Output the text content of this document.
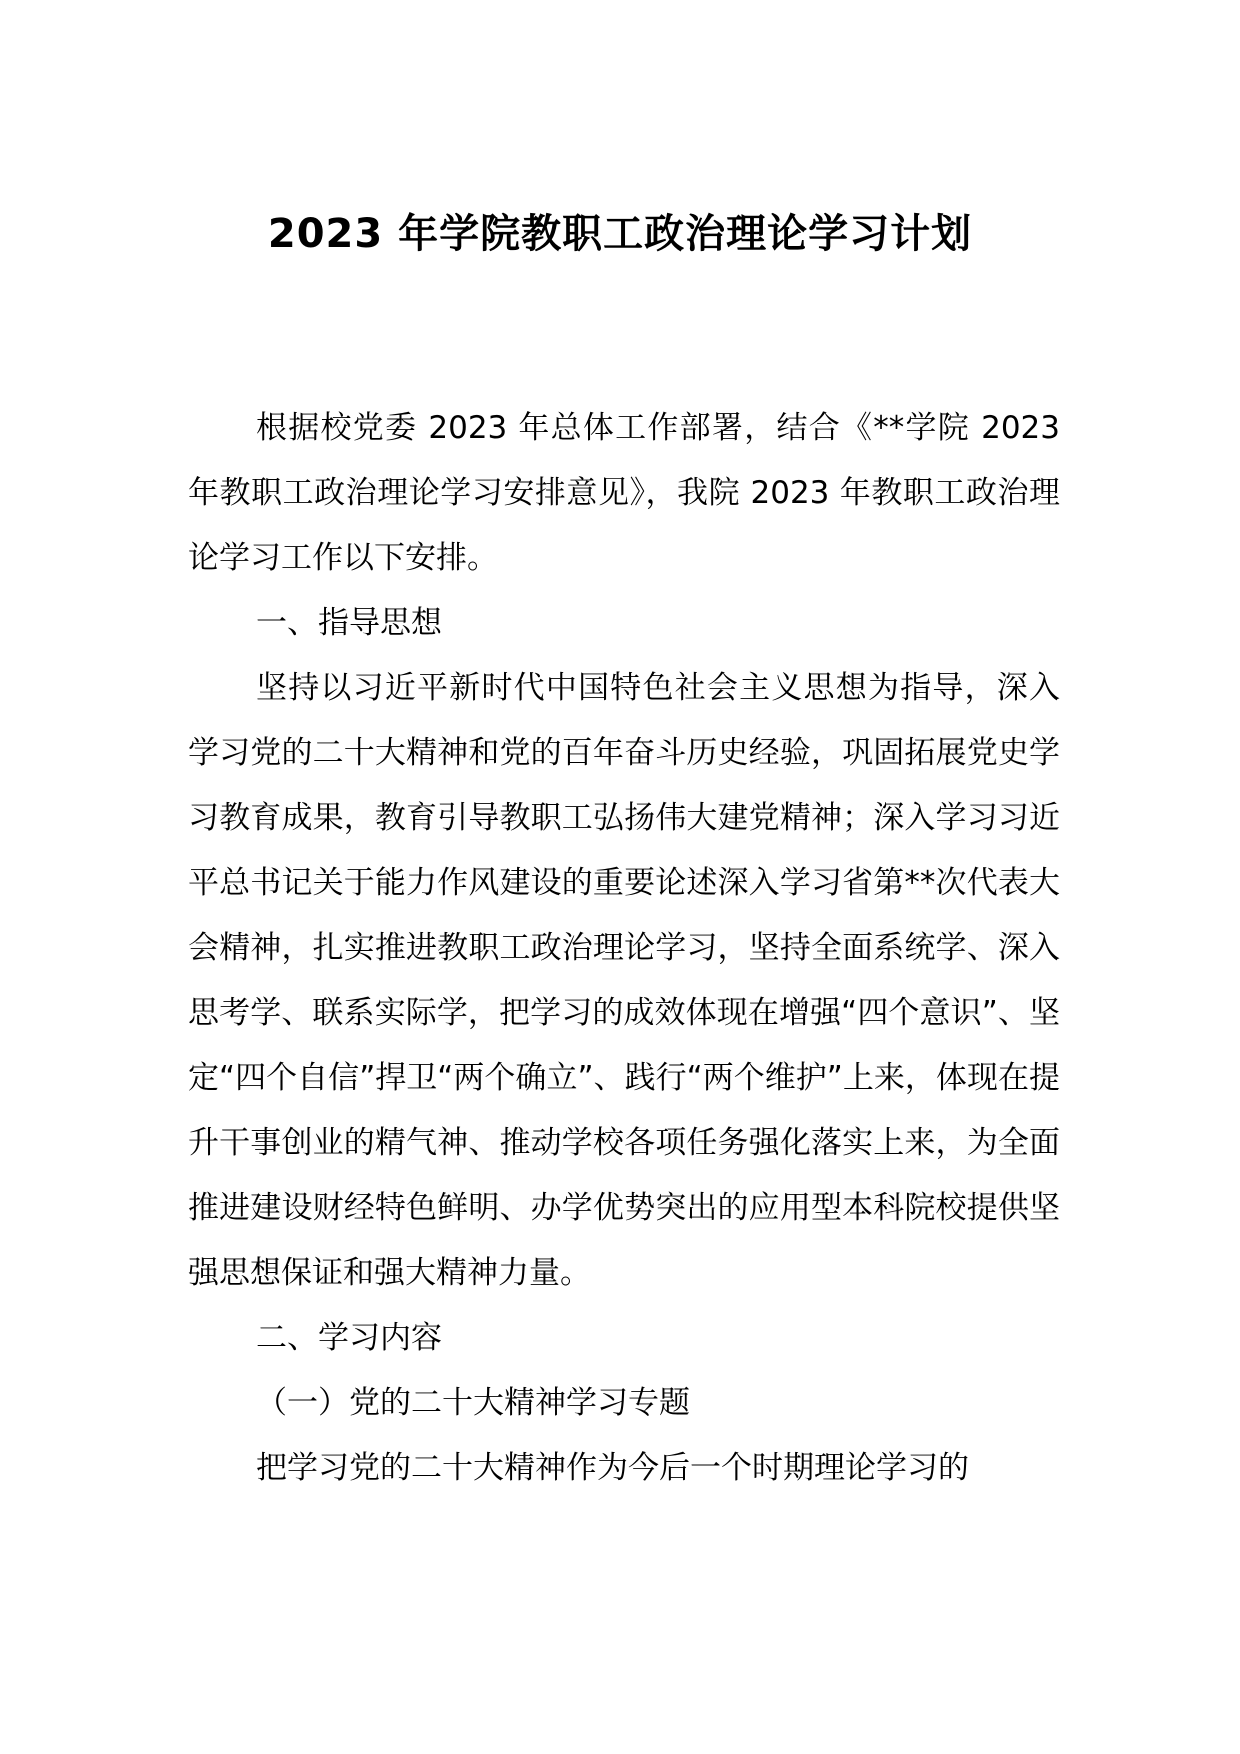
2023 年学院教职工政治理论学习计划

根据校党委 2023 年总体工作部署，结合《**学院 2023 年教职工政治理论学习安排意见》，我院 2023 年教职工政治理论学习工作以下安排。

一、指导思想

坚持以习近平新时代中国特色社会主义思想为指导，深入学习党的二十大精神和党的百年奋斗历史经验，巩固拓展党史学习教育成果，教育引导教职工弘扬伟大建党精神；深入学习习近平总书记关于能力作风建设的重要论述深入学习省第**次代表大会精神，扎实推进教职工政治理论学习，坚持全面系统学、深入思考学、联系实际学，把学习的成效体现在增强“四个意识”、坚定“四个自信”捍卫“两个确立”、践行“两个维护”上来，体现在提升干事创业的精气神、推动学校各项任务强化落实上来，为全面推进建设财经特色鲜明、办学优势突出的应用型本科院校提供坚强思想保证和强大精神力量。

二、学习内容

（一）党的二十大精神学习专题

把学习党的二十大精神作为今后一个时期理论学习的
